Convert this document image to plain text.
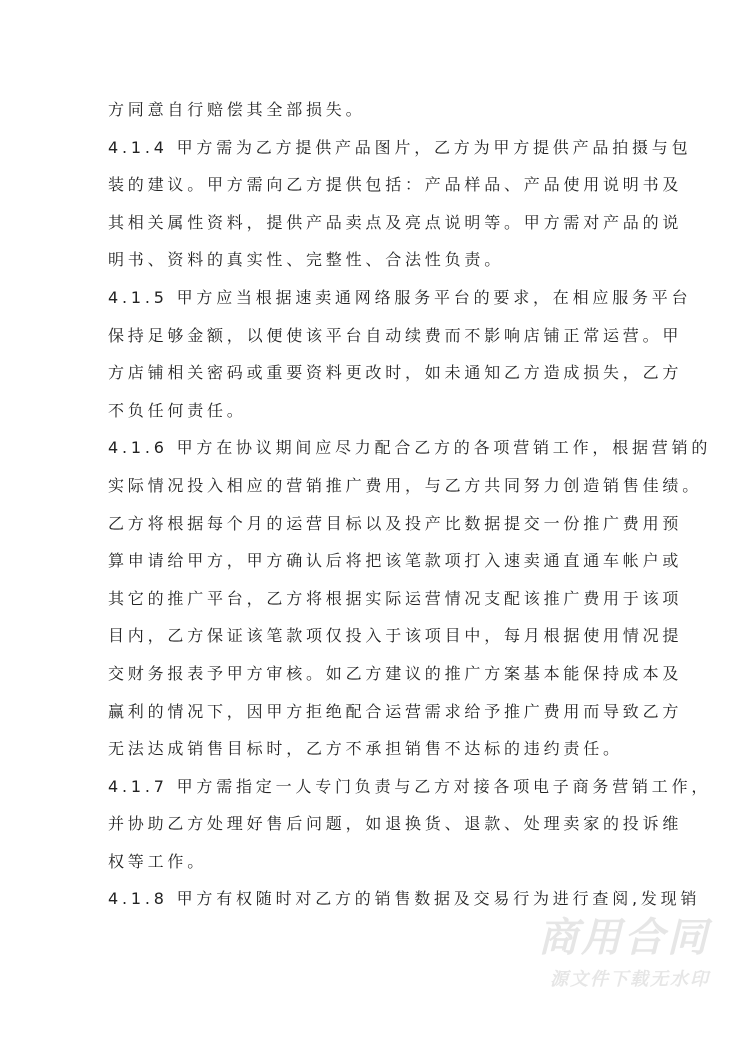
方同意自行赔偿其全部损失。
4.1.4 甲方需为乙方提供产品图片，乙方为甲方提供产品拍摄与包
装的建议。甲方需向乙方提供包括：产品样品、产品使用说明书及
其相关属性资料，提供产品卖点及亮点说明等。甲方需对产品的说
明书、资料的真实性、完整性、合法性负责。
4.1.5 甲方应当根据速卖通网络服务平台的要求，在相应服务平台
保持足够金额，以便使该平台自动续费而不影响店铺正常运营。甲
方店铺相关密码或重要资料更改时，如未通知乙方造成损失，乙方
不负任何责任。
4.1.6 甲方在协议期间应尽力配合乙方的各项营销工作，根据营销的
实际情况投入相应的营销推广费用，与乙方共同努力创造销售佳绩。
乙方将根据每个月的运营目标以及投产比数据提交一份推广费用预
算申请给甲方，甲方确认后将把该笔款项打入速卖通直通车帐户或
其它的推广平台，乙方将根据实际运营情况支配该推广费用于该项
目内，乙方保证该笔款项仅投入于该项目中，每月根据使用情况提
交财务报表予甲方审核。如乙方建议的推广方案基本能保持成本及
赢利的情况下，因甲方拒绝配合运营需求给予推广费用而导致乙方
无法达成销售目标时，乙方不承担销售不达标的违约责任。
4.1.7 甲方需指定一人专门负责与乙方对接各项电子商务营销工作，
并协助乙方处理好售后问题，如退换货、退款、处理卖家的投诉维
权等工作。
4.1.8 甲方有权随时对乙方的销售数据及交易行为进行查阅,发现销
商用合同
源文件下载无水印
